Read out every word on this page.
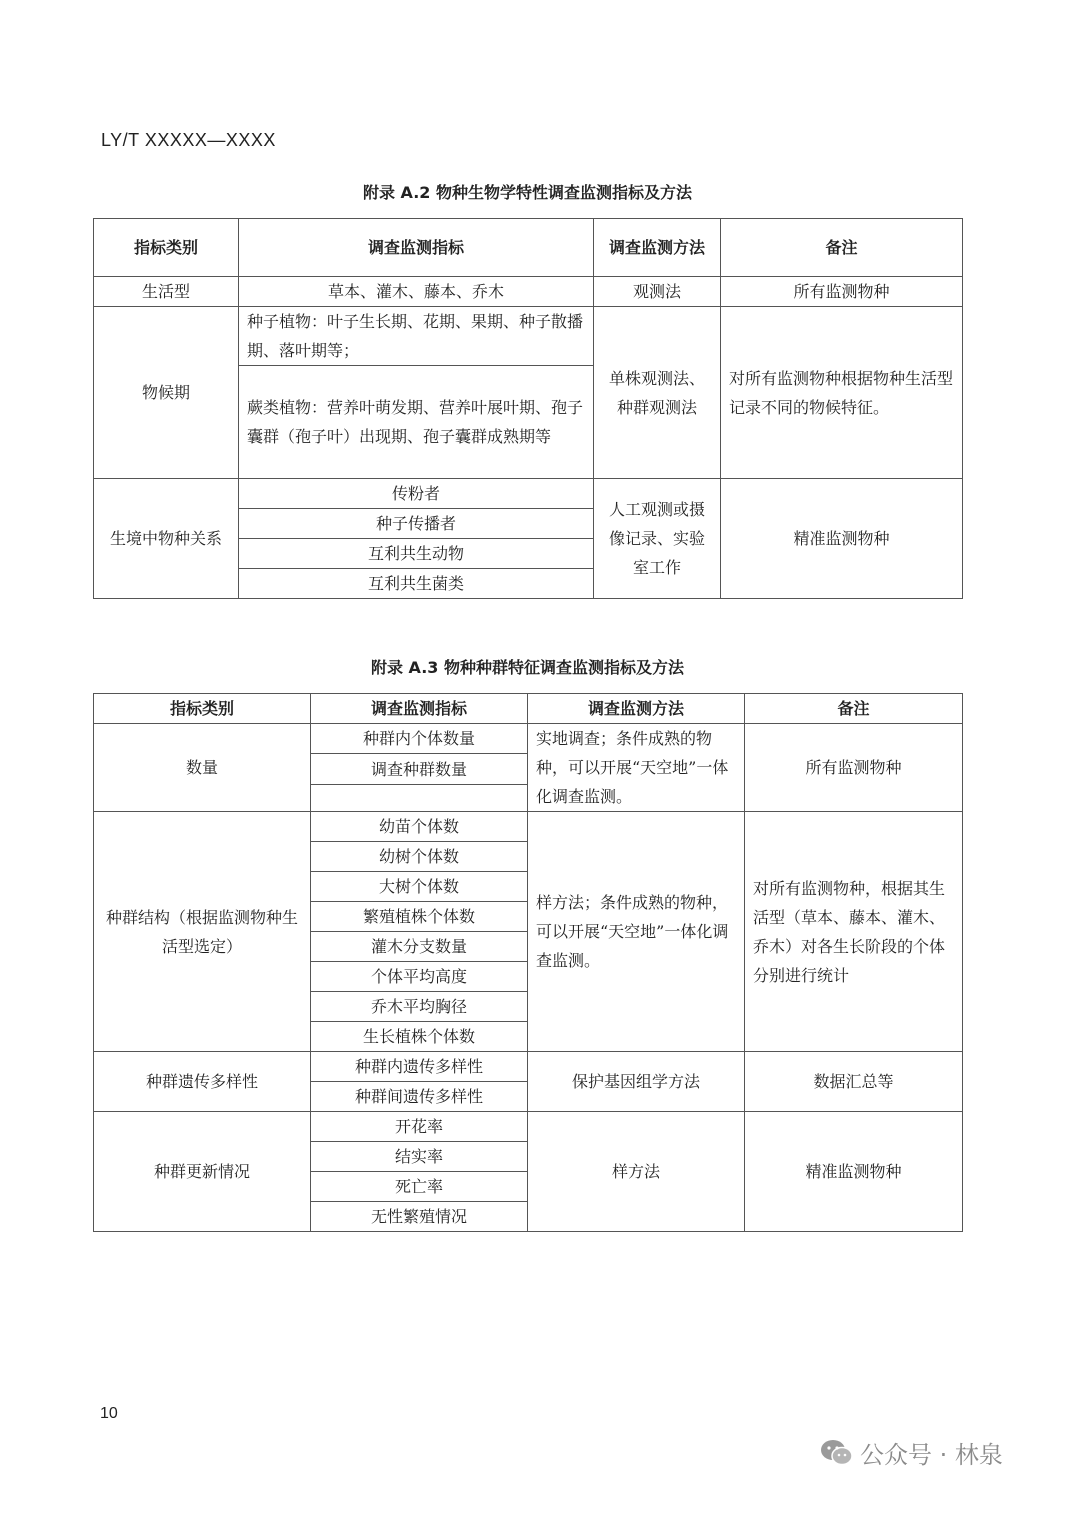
LY/T XXXXX—XXXX
附录 A.2 物种生物学特性调查监测指标及方法
指标类别	调查监测指标	调查监测方法	备注
生活型	草本、灌木、藤本、乔木	观测法	所有监测物种
物候期	种子植物：叶子生长期、花期、果期、种子散播期、落叶期等；	单株观测法、种群观测法	对所有监测物种根据物种生活型记录不同的物候特征。
	蕨类植物：营养叶萌发期、营养叶展叶期、孢子囊群（孢子叶）出现期、孢子囊群成熟期等		
生境中物种关系	传粉者	人工观测或摄像记录、实验室工作	精准监测物种
	种子传播者		
	互利共生动物		
	互利共生菌类		
附录 A.3 物种种群特征调查监测指标及方法
指标类别	调查监测指标	调查监测方法	备注
数量	种群内个体数量	实地调查；条件成熟的物种，可以开展“天空地”一体化调查监测。	所有监测物种
	调查种群数量		

种群结构（根据监测物种生活型选定）	幼苗个体数	样方法；条件成熟的物种，可以开展“天空地”一体化调查监测。	对所有监测物种，根据其生活型（草本、藤本、灌木、乔木）对各生长阶段的个体分别进行统计
	幼树个体数		
	大树个体数		
	繁殖植株个体数		
	灌木分支数量		
	个体平均高度		
	乔木平均胸径		
	生长植株个体数		
种群遗传多样性	种群内遗传多样性	保护基因组学方法	数据汇总等
	种群间遗传多样性		
种群更新情况	开花率	样方法	精准监测物种
	结实率		
	死亡率		
	无性繁殖情况		
10
公众号 · 林泉
